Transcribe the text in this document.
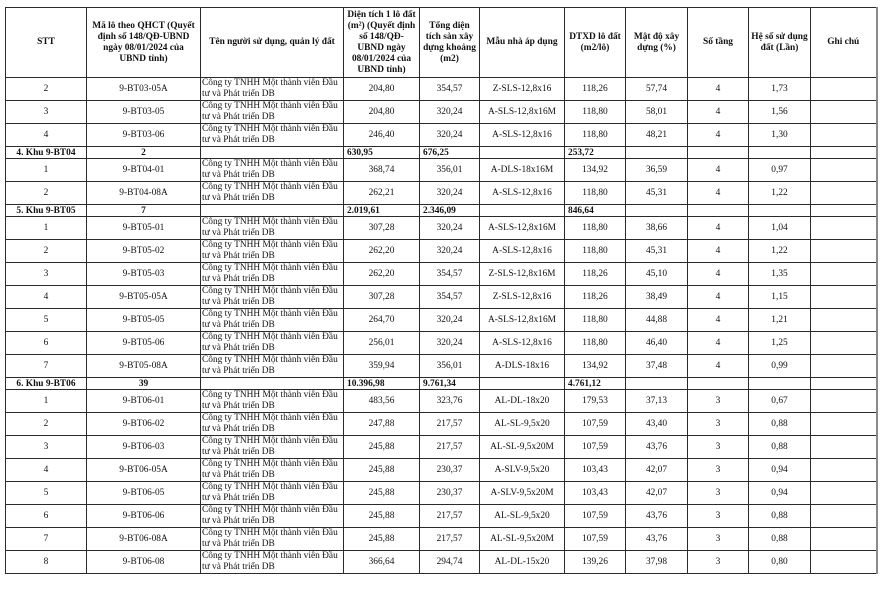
STT	Mã lô theo QHCT (Quyết định số 148/QĐ-UBND ngày 08/01/2024 của UBND tỉnh)	Tên người sử dụng, quản lý đất	Diện tích 1 lô đất (m²) (Quyết định số 148/QĐ-UBND ngày 08/01/2024 của UBND tỉnh)	Tổng diện tích sàn xây dựng khoảng (m2)	Mẫu nhà áp dụng	DTXD lô đất (m2/lô)	Mật độ xây dựng (%)	Số tầng	Hệ số sử dụng đất (Lần)	Ghi chú
2	9-BT03-05A	Công ty TNHH Một thành viên Đầu tư và Phát triển DB	204,80	354,57	Z-SLS-12,8x16	118,26	57,74	4	1,73	
3	9-BT03-05	Công ty TNHH Một thành viên Đầu tư và Phát triển DB	204,80	320,24	A-SLS-12,8x16M	118,80	58,01	4	1,56	
4	9-BT03-06	Công ty TNHH Một thành viên Đầu tư và Phát triển DB	246,40	320,24	A-SLS-12,8x16	118,80	48,21	4	1,30	
4. Khu 9-BT04	2		630,95	676,25		253,72				
1	9-BT04-01	Công ty TNHH Một thành viên Đầu tư và Phát triển DB	368,74	356,01	A-DLS-18x16M	134,92	36,59	4	0,97	
2	9-BT04-08A	Công ty TNHH Một thành viên Đầu tư và Phát triển DB	262,21	320,24	A-SLS-12,8x16	118,80	45,31	4	1,22	
5. Khu 9-BT05	7		2.019,61	2.346,09		846,64				
1	9-BT05-01	Công ty TNHH Một thành viên Đầu tư và Phát triển DB	307,28	320,24	A-SLS-12,8x16M	118,80	38,66	4	1,04	
2	9-BT05-02	Công ty TNHH Một thành viên Đầu tư và Phát triển DB	262,20	320,24	A-SLS-12,8x16	118,80	45,31	4	1,22	
3	9-BT05-03	Công ty TNHH Một thành viên Đầu tư và Phát triển DB	262,20	354,57	Z-SLS-12,8x16M	118,26	45,10	4	1,35	
4	9-BT05-05A	Công ty TNHH Một thành viên Đầu tư và Phát triển DB	307,28	354,57	Z-SLS-12,8x16	118,26	38,49	4	1,15	
5	9-BT05-05	Công ty TNHH Một thành viên Đầu tư và Phát triển DB	264,70	320,24	A-SLS-12,8x16M	118,80	44,88	4	1,21	
6	9-BT05-06	Công ty TNHH Một thành viên Đầu tư và Phát triển DB	256,01	320,24	A-SLS-12,8x16	118,80	46,40	4	1,25	
7	9-BT05-08A	Công ty TNHH Một thành viên Đầu tư và Phát triển DB	359,94	356,01	A-DLS-18x16	134,92	37,48	4	0,99	
6. Khu 9-BT06	39		10.396,98	9.761,34		4.761,12				
1	9-BT06-01	Công ty TNHH Một thành viên Đầu tư và Phát triển DB	483,56	323,76	AL-DL-18x20	179,53	37,13	3	0,67	
2	9-BT06-02	Công ty TNHH Một thành viên Đầu tư và Phát triển DB	247,88	217,57	AL-SL-9,5x20	107,59	43,40	3	0,88	
3	9-BT06-03	Công ty TNHH Một thành viên Đầu tư và Phát triển DB	245,88	217,57	AL-SL-9,5x20M	107,59	43,76	3	0,88	
4	9-BT06-05A	Công ty TNHH Một thành viên Đầu tư và Phát triển DB	245,88	230,37	A-SLV-9,5x20	103,43	42,07	3	0,94	
5	9-BT06-05	Công ty TNHH Một thành viên Đầu tư và Phát triển DB	245,88	230,37	A-SLV-9,5x20M	103,43	42,07	3	0,94	
6	9-BT06-06	Công ty TNHH Một thành viên Đầu tư và Phát triển DB	245,88	217,57	AL-SL-9,5x20	107,59	43,76	3	0,88	
7	9-BT06-08A	Công ty TNHH Một thành viên Đầu tư và Phát triển DB	245,88	217,57	AL-SL-9,5x20M	107,59	43,76	3	0,88	
8	9-BT06-08	Công ty TNHH Một thành viên Đầu tư và Phát triển DB	366,64	294,74	AL-DL-15x20	139,26	37,98	3	0,80	
